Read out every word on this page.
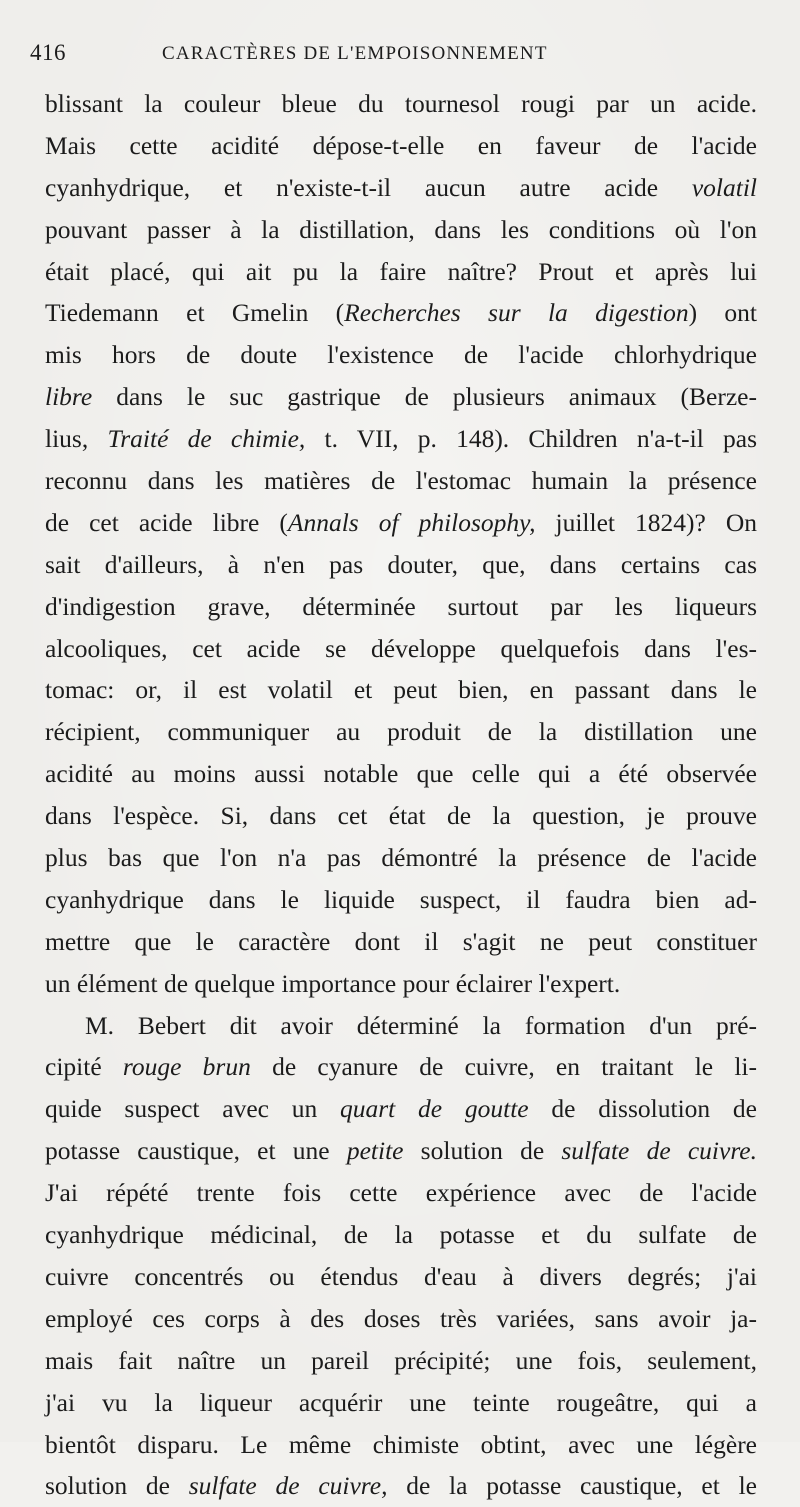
416	CARACTÈRES DE L'EMPOISONNEMENT
blissant la couleur bleue du tournesol rougi par un acide.
Mais cette acidité dépose-t-elle en faveur de l'acide
cyanhydrique, et n'existe-t-il aucun autre acide volatil
pouvant passer à la distillation, dans les conditions où l'on
était placé, qui ait pu la faire naître? Prout et après lui
Tiedemann et Gmelin (Recherches sur la digestion) ont
mis hors de doute l'existence de l'acide chlorhydrique
libre dans le suc gastrique de plusieurs animaux (Berze-
lius, Traité de chimie, t. VII, p. 148). Children n'a-t-il pas
reconnu dans les matières de l'estomac humain la présence
de cet acide libre (Annals of philosophy, juillet 1824)? On
sait d'ailleurs, à n'en pas douter, que, dans certains cas
d'indigestion grave, déterminée surtout par les liqueurs
alcooliques, cet acide se développe quelquefois dans l'es-
tomac: or, il est volatil et peut bien, en passant dans le
récipient, communiquer au produit de la distillation une
acidité au moins aussi notable que celle qui a été observée
dans l'espèce. Si, dans cet état de la question, je prouve
plus bas que l'on n'a pas démontré la présence de l'acide
cyanhydrique dans le liquide suspect, il faudra bien ad-
mettre que le caractère dont il s'agit ne peut constituer
un élément de quelque importance pour éclairer l'expert.
M. Bebert dit avoir déterminé la formation d'un pré-
cipité rouge brun de cyanure de cuivre, en traitant le li-
quide suspect avec un quart de goutte de dissolution de
potasse caustique, et une petite solution de sulfate de cuivre.
J'ai répété trente fois cette expérience avec de l'acide
cyanhydrique médicinal, de la potasse et du sulfate de
cuivre concentrés ou étendus d'eau à divers degrés; j'ai
employé ces corps à des doses très variées, sans avoir ja-
mais fait naître un pareil précipité; une fois, seulement,
j'ai vu la liqueur acquérir une teinte rougeâtre, qui a
bientôt disparu. Le même chimiste obtint, avec une légère
solution de sulfate de cuivre, de la potasse caustique, et le
